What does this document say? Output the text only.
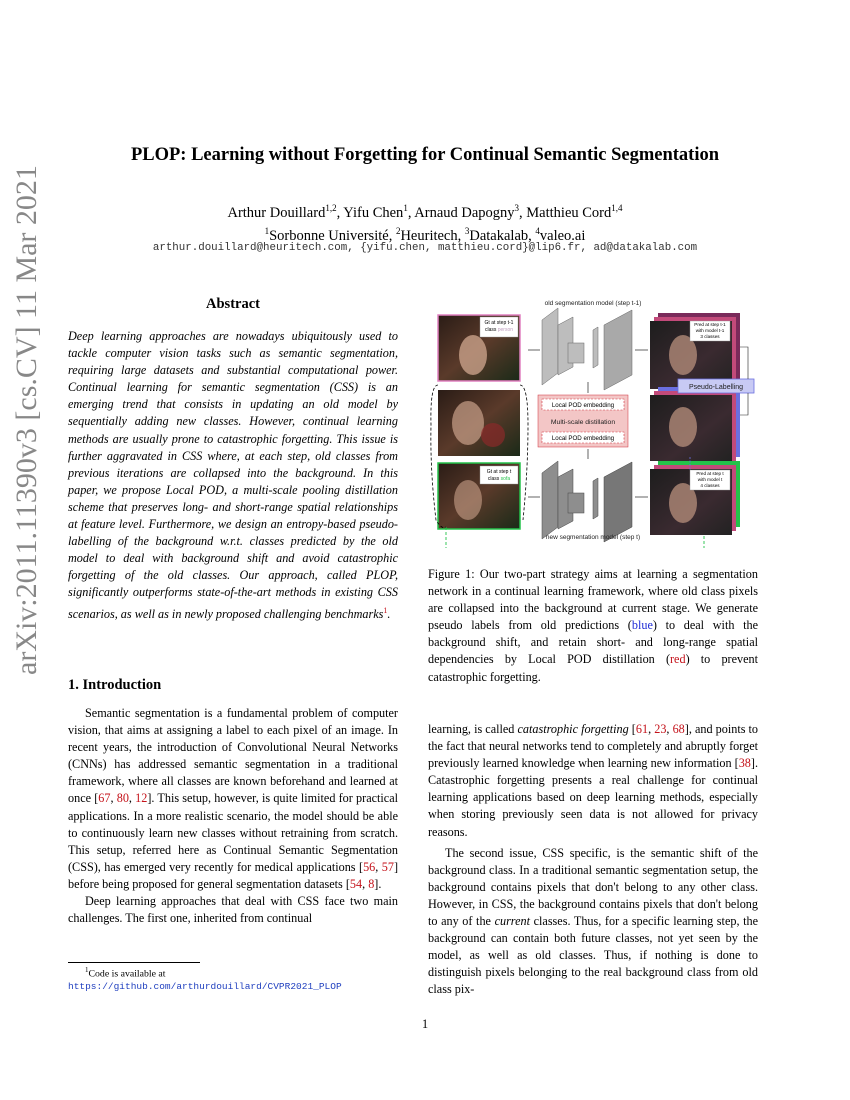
arXiv:2011.11390v3 [cs.CV] 11 Mar 2021
PLOP: Learning without Forgetting for Continual Semantic Segmentation
Arthur Douillard$^{1,2}$, Yifu Chen$^1$, Arnaud Dapogny$^3$, Matthieu Cord$^{1,4}$
$^1$Sorbonne Université, $^2$Heuritech, $^3$Datakalab, $^4$valeo.ai
arthur.douillard@heuritech.com, {yifu.chen, matthieu.cord}@lip6.fr, ad@datakalab.com
Abstract
Deep learning approaches are nowadays ubiquitously used to tackle computer vision tasks such as semantic segmentation, requiring large datasets and substantial computational power. Continual learning for semantic segmentation (CSS) is an emerging trend that consists in updating an old model by sequentially adding new classes. However, continual learning methods are usually prone to catastrophic forgetting. This issue is further aggravated in CSS where, at each step, old classes from previous iterations are collapsed into the background. In this paper, we propose Local POD, a multi-scale pooling distillation scheme that preserves long- and short-range spatial relationships at feature level. Furthermore, we design an entropy-based pseudo-labelling of the background w.r.t. classes predicted by the old model to deal with background shift and avoid catastrophic forgetting of the old classes. Our approach, called PLOP, significantly outperforms state-of-the-art methods in existing CSS scenarios, as well as in newly proposed challenging benchmarks$^1$.
1. Introduction

Semantic segmentation is a fundamental problem of computer vision, that aims at assigning a label to each pixel of an image. In recent years, the introduction of Convolutional Neural Networks (CNNs) has addressed semantic segmentation in a traditional framework, where all classes are known beforehand and learned at once [67, 80, 12]. This setup, however, is quite limited for practical applications. In a more realistic scenario, the model should be able to continuously learn new classes without retraining from scratch. This setup, referred here as Continual Semantic Segmentation (CSS), has emerged very recently for medical applications [56, 57] before being proposed for general segmentation datasets [54, 8].

Deep learning approaches that deal with CSS face two main challenges. The first one, inherited from continual

$^1$Code is available at
https://github.com/arthurdouillard/CVPR2021_PLOP
old segmentation model (step t-1)
Gt at step t-1
class person
Gt at step t
class sofa
new segmentation model (step t)
Local POD embedding
Multi-scale distillation
Local POD embedding
Pred at step t-1
with model t-1
3 classes
Pred at step t
with model t
4 classes
Pseudo-Labelling
Figure 1: Our two-part strategy aims at learning a segmentation network in a continual learning framework, where old class pixels are collapsed into the background at current stage. We generate pseudo labels from old predictions (blue) to deal with the background shift, and retain short- and long-range spatial dependencies by Local POD distillation (red) to prevent catastrophic forgetting.

learning, is called catastrophic forgetting [61, 23, 68], and points to the fact that neural networks tend to completely and abruptly forget previously learned knowledge when learning new information [38]. Catastrophic forgetting presents a real challenge for continual learning applications based on deep learning methods, especially when storing previously seen data is not allowed for privacy reasons.

The second issue, CSS specific, is the semantic shift of the background class. In a traditional semantic segmentation setup, the background contains pixels that don't belong to any other class. However, in CSS, the background contains pixels that don't belong to any of the current classes. Thus, for a specific learning step, the background can contain both future classes, not yet seen by the model, as well as old classes. Thus, if nothing is done to distinguish pixels belonging to the real background class from old class pix-

1
